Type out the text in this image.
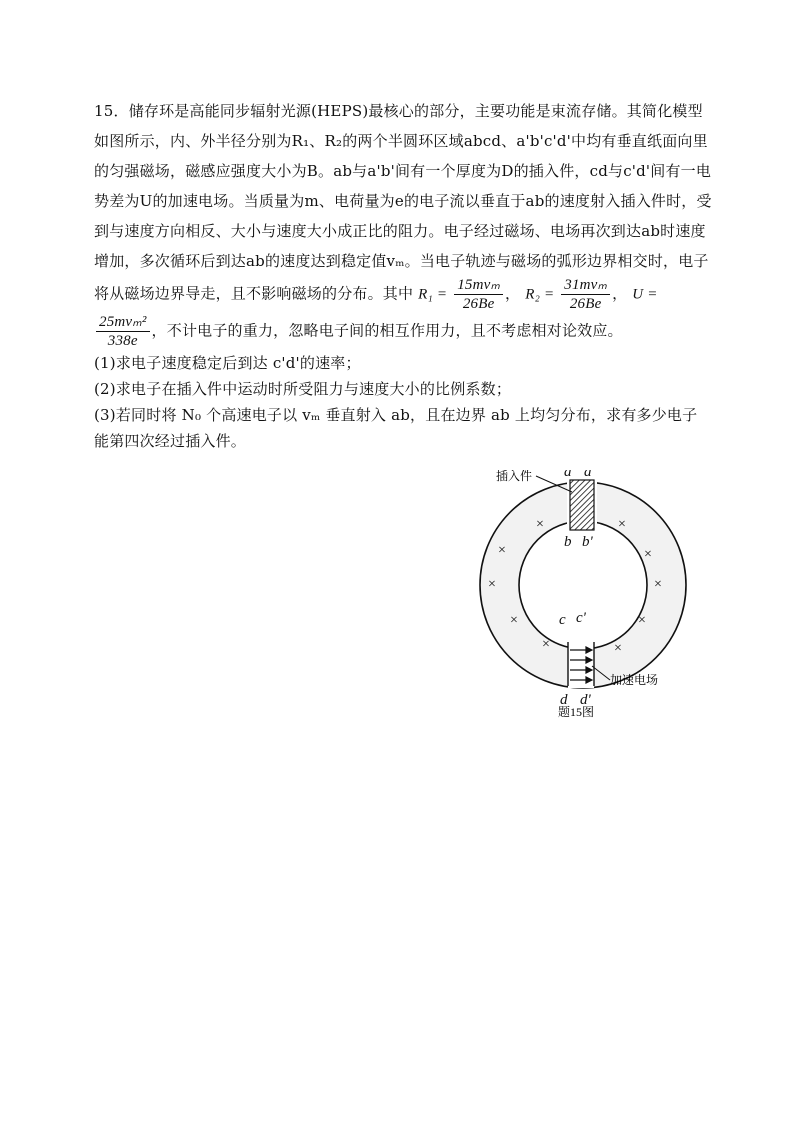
15．储存环是高能同步辐射光源(HEPS)最核心的部分，主要功能是束流存储。其简化模型如图所示，内、外半径分别为R₁、R₂的两个半圆环区域abcd、a'b'c'd'中均有垂直纸面向里的匀强磁场，磁感应强度大小为B。ab与a'b'间有一个厚度为D的插入件，cd与c'd'间有一电势差为U的加速电场。当质量为m、电荷量为e的电子流以垂直于ab的速度射入插入件时，受到与速度方向相反、大小与速度大小成正比的阻力。电子经过磁场、电场再次到达ab时速度增加，多次循环后到达ab的速度达到稳定值vₘ。当电子轨迹与磁场的弧形边界相交时，电子将从磁场边界导走，且不影响磁场的分布。其中 $R_1 = \frac{\text{15mvₘ}}{26Be}$ ， $R_2 = \frac{\text{31mvₘ}}{26Be}$ ， U =
$\frac{\text{25mvₘ²}}{338e}$ ，不计电子的重力，忽略电子间的相互作用力，且不考虑相对论效应。

(1)求电子速度稳定后到达 c'd'的速率；

(2)求电子在插入件中运动时所受阻力与速度大小的比例系数；

(3)若同时将 N₀ 个高速电子以 vₘ 垂直射入 ab，且在边界 ab 上均匀分布，求有多少电子能第四次经过插入件。

×	×
×	×
×	×
×	×
×	×
a a
b b'
c c'
d d'
插入件
加速电场
题15图
